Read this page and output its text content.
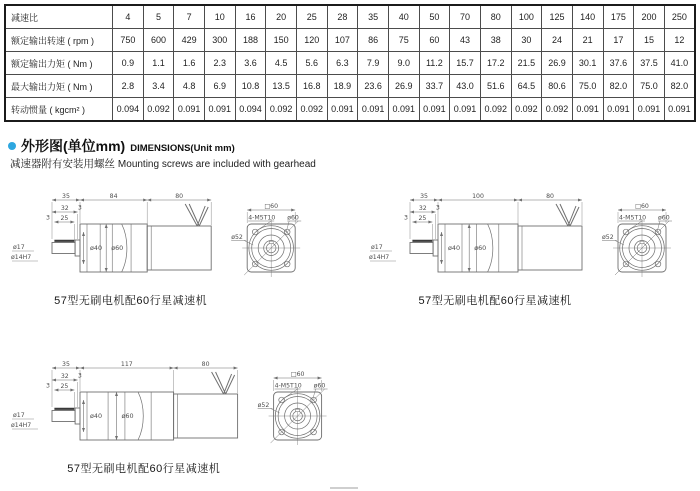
减速比	4	5	7	10	16	20	25	28	35	40	50	70	80	100	125	140	175	200	250
额定输出转速 ( rpm )	750	600	429	300	188	150	120	107	86	75	60	43	38	30	24	21	17	15	12
额定输出力矩 ( Nm )	0.9	1.1	1.6	2.3	3.6	4.5	5.6	6.3	7.9	9.0	11.2	15.7	17.2	21.5	26.9	30.1	37.6	37.5	41.0
最大输出力矩 ( Nm )	2.8	3.4	4.8	6.9	10.8	13.5	16.8	18.9	23.6	26.9	33.7	43.0	51.6	64.5	80.6	75.0	82.0	75.0	82.0
转动惯量 ( kgcm² )	0.094	0.092	0.091	0.091	0.094	0.092	0.092	0.091	0.091	0.091	0.091	0.091	0.092	0.092	0.092	0.091	0.091	0.091	0.091
外形图(单位mm) DIMENSIONS(Unit mm)
减速器附有安装用螺丝 Mounting screws are included with gearhead
35	84	80
32 3
25
3
ø17
ø14H7
ø40 ø60
□60
4-M5T10 ø60
ø52
57型无刷电机配60行星减速机
35	100	80
32 3
25
3
ø17
ø14H7
ø40 ø60
□60
4-M5T10 ø60
ø52
57型无刷电机配60行星减速机
35	117	80
32 3
25
3
ø17
ø14H7
ø40	ø60
□60
4-M5T10 ø60
ø52
57型无刷电机配60行星减速机
